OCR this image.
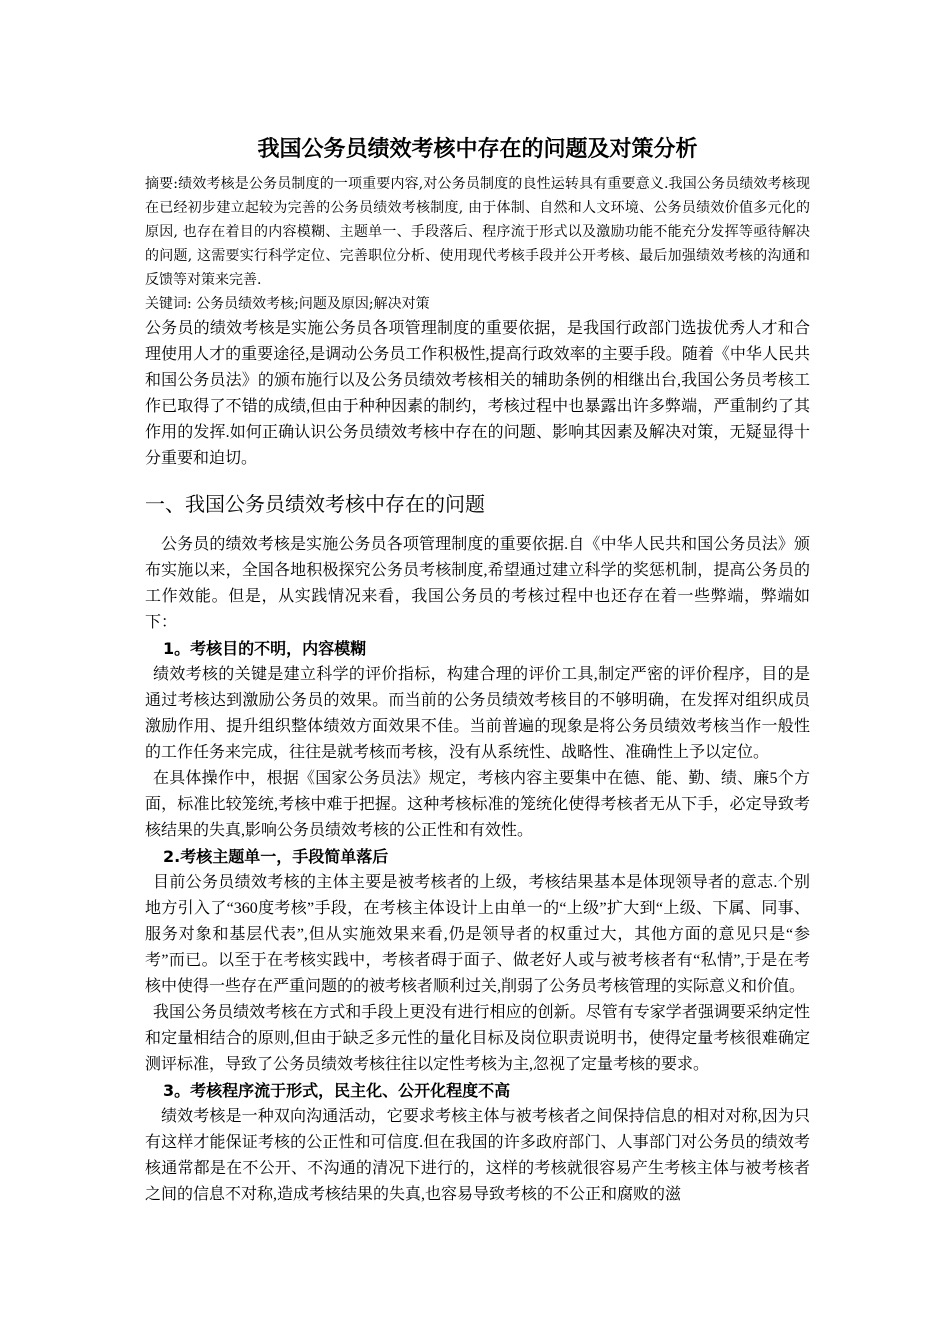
我国公务员绩效考核中存在的问题及对策分析

摘要:绩效考核是公务员制度的一项重要内容,对公务员制度的良性运转具有重要意义.我国公务员绩效考核现在已经初步建立起较为完善的公务员绩效考核制度, 由于体制、自然和人文环境、公务员绩效价值多元化的原因, 也存在着目的内容模糊、主题单一、手段落后、程序流于形式以及激励功能不能充分发挥等亟待解决的问题, 这需要实行科学定位、完善职位分析、使用现代考核手段并公开考核、最后加强绩效考核的沟通和反馈等对策来完善.

关键词: 公务员绩效考核;问题及原因;解决对策

公务员的绩效考核是实施公务员各项管理制度的重要依据，是我国行政部门选拔优秀人才和合理使用人才的重要途径,是调动公务员工作积极性,提高行政效率的主要手段。随着《中华人民共和国公务员法》的颁布施行以及公务员绩效考核相关的辅助条例的相继出台,我国公务员考核工作已取得了不错的成绩,但由于种种因素的制约，考核过程中也暴露出许多弊端，严重制约了其作用的发挥.如何正确认识公务员绩效考核中存在的问题、影响其因素及解决对策，无疑显得十分重要和迫切。

一、我国公务员绩效考核中存在的问题

公务员的绩效考核是实施公务员各项管理制度的重要依据.自《中华人民共和国公务员法》颁布实施以来，全国各地积极探究公务员考核制度,希望通过建立科学的奖惩机制，提高公务员的工作效能。但是，从实践情况来看，我国公务员的考核过程中也还存在着一些弊端，弊端如下：

1。考核目的不明，内容模糊

绩效考核的关键是建立科学的评价指标，构建合理的评价工具,制定严密的评价程序，目的是通过考核达到激励公务员的效果。而当前的公务员绩效考核目的不够明确，在发挥对组织成员激励作用、提升组织整体绩效方面效果不佳。当前普遍的现象是将公务员绩效考核当作一般性的工作任务来完成，往往是就考核而考核，没有从系统性、战略性、准确性上予以定位。

在具体操作中，根据《国家公务员法》规定，考核内容主要集中在德、能、勤、绩、廉5个方面，标准比较笼统,考核中难于把握。这种考核标准的笼统化使得考核者无从下手，必定导致考核结果的失真,影响公务员绩效考核的公正性和有效性。

2.考核主题单一，手段简单落后

目前公务员绩效考核的主体主要是被考核者的上级，考核结果基本是体现领导者的意志.个别地方引入了“360度考核”手段，在考核主体设计上由单一的“上级”扩大到“上级、下属、同事、服务对象和基层代表”,但从实施效果来看,仍是领导者的权重过大，其他方面的意见只是“参考”而已。以至于在考核实践中，考核者碍于面子、做老好人或与被考核者有“私情”,于是在考核中使得一些存在严重问题的的被考核者顺利过关,削弱了公务员考核管理的实际意义和价值。

我国公务员绩效考核在方式和手段上更没有进行相应的创新。尽管有专家学者强调要采纳定性和定量相结合的原则,但由于缺乏多元性的量化目标及岗位职责说明书，使得定量考核很难确定测评标准，导致了公务员绩效考核往往以定性考核为主,忽视了定量考核的要求。

3。考核程序流于形式，民主化、公开化程度不高

绩效考核是一种双向沟通活动，它要求考核主体与被考核者之间保持信息的相对对称,因为只有这样才能保证考核的公正性和可信度.但在我国的许多政府部门、人事部门对公务员的绩效考核通常都是在不公开、不沟通的清况下进行的，这样的考核就很容易产生考核主体与被考核者之间的信息不对称,造成考核结果的失真,也容易导致考核的不公正和腐败的滋
